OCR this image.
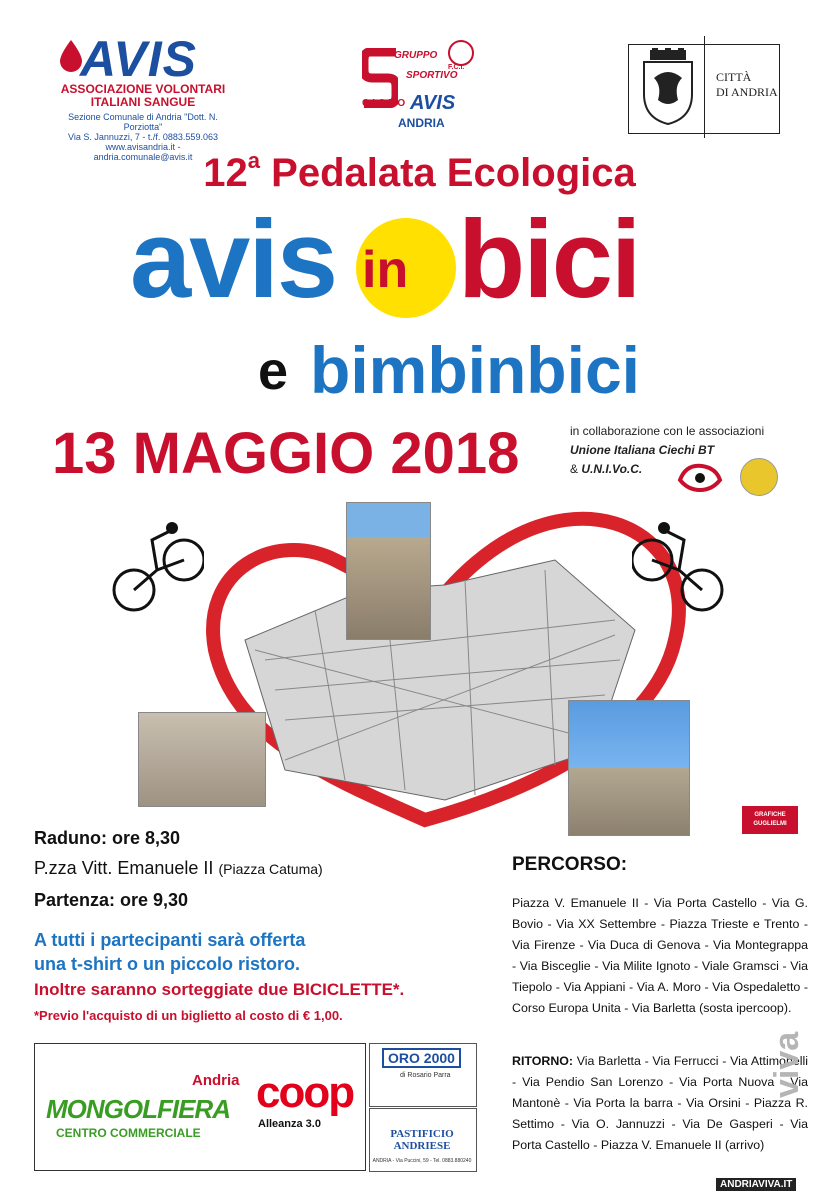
AVIS
ASSOCIAZIONE VOLONTARI ITALIANI SANGUE
Sezione Comunale di Andria "Dott. N. Porziotta"
Via S. Jannuzzi, 7 - t./f. 0883.559.063
www.avisandria.it - andria.comunale@avis.it
GRUPPO
F.C.I.
SPORTIVO
CICLO AVIS
ANDRIA
CITTÀ
DI ANDRIA
12$^a$ Pedalata Ecologica
avis in bici
e bimbinbici
13 MAGGIO 2018	in collaborazione con le associazioni
Unione Italiana Ciechi BT
& U.N.I.Vo.C.
GRAFICHE GUGLIELMI
Raduno: ore 8,30
P.zza Vitt. Emanuele II (Piazza Catuma)
Partenza: ore 9,30
A tutti i partecipanti sarà offerta
una t-shirt o un piccolo ristoro.
Inoltre saranno sorteggiate due BICICLETTE*.
*Previo l'acquisto di un biglietto al costo di € 1,00.
PERCORSO:
Piazza V. Emanuele II - Via Porta Castello - Via G. Bovio - Via XX Settembre - Piazza Trieste e Trento - Via Firenze - Via Duca di Genova - Via Montegrappa - Via Bisceglie - Via Milite Ignoto - Viale Gramsci - Via Tiepolo - Via Appiani - Via A. Moro - Via Ospedaletto - Corso Europa Unita - Via Barletta (sosta ipercoop).
RITORNO: Via Barletta - Via Ferrucci - Via Attimonelli - Via Pendio San Lorenzo - Via Porta Nuova - Via Mantonè - Via Porta la barra - Via Orsini - Piazza R. Settimo - Via O. Jannuzzi - Via De Gasperi - Via Porta Castello - Piazza V. Emanuele II (arrivo)
Andria
MONGOLFIERA
CENTRO COMMERCIALE
coop
Alleanza 3.0
ORO 2000
di Rosario Parra
PASTIFICIO ANDRIESE
ANDRIA - Via Puccini, 59 - Tel. 0883.880240
viva
ANDRIAVIVA.IT
